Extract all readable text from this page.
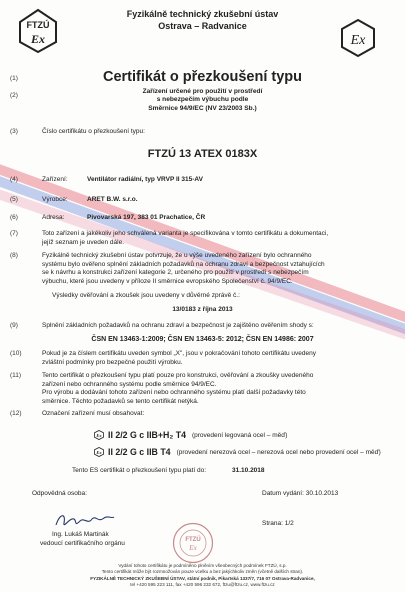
FTZÚ
Ex
Fyzikálně technický zkušební ústav
Ostrava – Radvanice
Ex
(1)	Certifikát o přezkoušení typu
(2)
Zařízení určené pro použití v prostředí
s nebezpečím výbuchu podle
Směrnice 94/9/EC (NV 23/2003 Sb.)
(3)	Číslo certifikátu o přezkoušení typu:
FTZÚ 13 ATEX 0183X
(4)	Zařízení:	Ventilátor radiální, typ VRVP II 315-AV
(5)	Výrobce:	ARET B.W. s.r.o.
(6)	Adresa:	Pivovarská 197, 383 01 Prachatice, ČR
(7)	Toto zařízení a jakékoliv jeho schválená varianta je specifikována v tomto certifikátu a dokumentaci,
jejíž seznam je uveden dále.
(8)	Fyzikálně technický zkušební ústav potvrzuje, že u výše uvedeného zařízení bylo ochranného
systému bylo ověřeno splnění základních požadavků na ochranu zdraví a bezpečnost vztahujících
se k návrhu a konstrukci zařízení kategorie 2, určeného pro použití v prostředí s nebezpečím
výbuchu, které jsou uvedeny v příloze II směrnice evropského Společenství č. 94/9/EC.
Výsledky ověřování a zkoušek jsou uvedeny v důvěrné zprávě č.:
13/0183 z října 2013
(9)	Splnění základních požadavků na ochranu zdraví a bezpečnost je zajištěno ověřením shody s:
ČSN EN 13463-1:2009; ČSN EN 13463-5: 2012; ČSN EN 14986: 2007
(10)	Pokud je za číslem certifikátu uveden symbol „X", jsou v pokračování tohoto certifikátu uvedeny
zvláštní podmínky pro bezpečné použití výrobku.
(11)	Tento certifikát o přezkoušení typu platí pouze pro konstrukci, ověřování a zkoušky uvedeného
zařízení nebo ochranného systému podle směrnice 94/9/EC.
Pro výrobu a dodávání tohoto zařízení nebo ochranného systému platí další požadavky této
směrnice. Těchto požadavků se tento certifikát netýká.
(12)	Označení zařízení musí obsahovat:
Ex II 2/2 G c IIB+H₂ T4 (provedení legovaná ocel – měď)
Ex II 2/2 G c IIB T4 (provedení nerezová ocel – nerezová ocel nebo provedení ocel – měď)
Tento ES certifikát o přezkoušení typu platí do:	31.10.2018
Odpovědná osoba:	Datum vydání: 30.10.2013
Ing. Lukáš Martinák
vedoucí certifikačního orgánu	FTZÚ
Ex
Strana: 1/2
Vydání tohoto certifikátu je podmíněno plněním všeobecných podmínek FTZÚ, s.p.
Tento certifikát může být rozmnožován pouze vcelku a bez jakýchkoliv změn (včetně dalších stran).
FYZIKÁLNĚ TECHNICKÝ ZKUŠEBNÍ ÚSTAV, státní podnik, Pikartská 1337/7, 716 07 Ostrava-Radvanice,
tel +420 595 223 111, fax +420 596 232 672, ftzu@ftzu.cz, www.ftzu.cz
